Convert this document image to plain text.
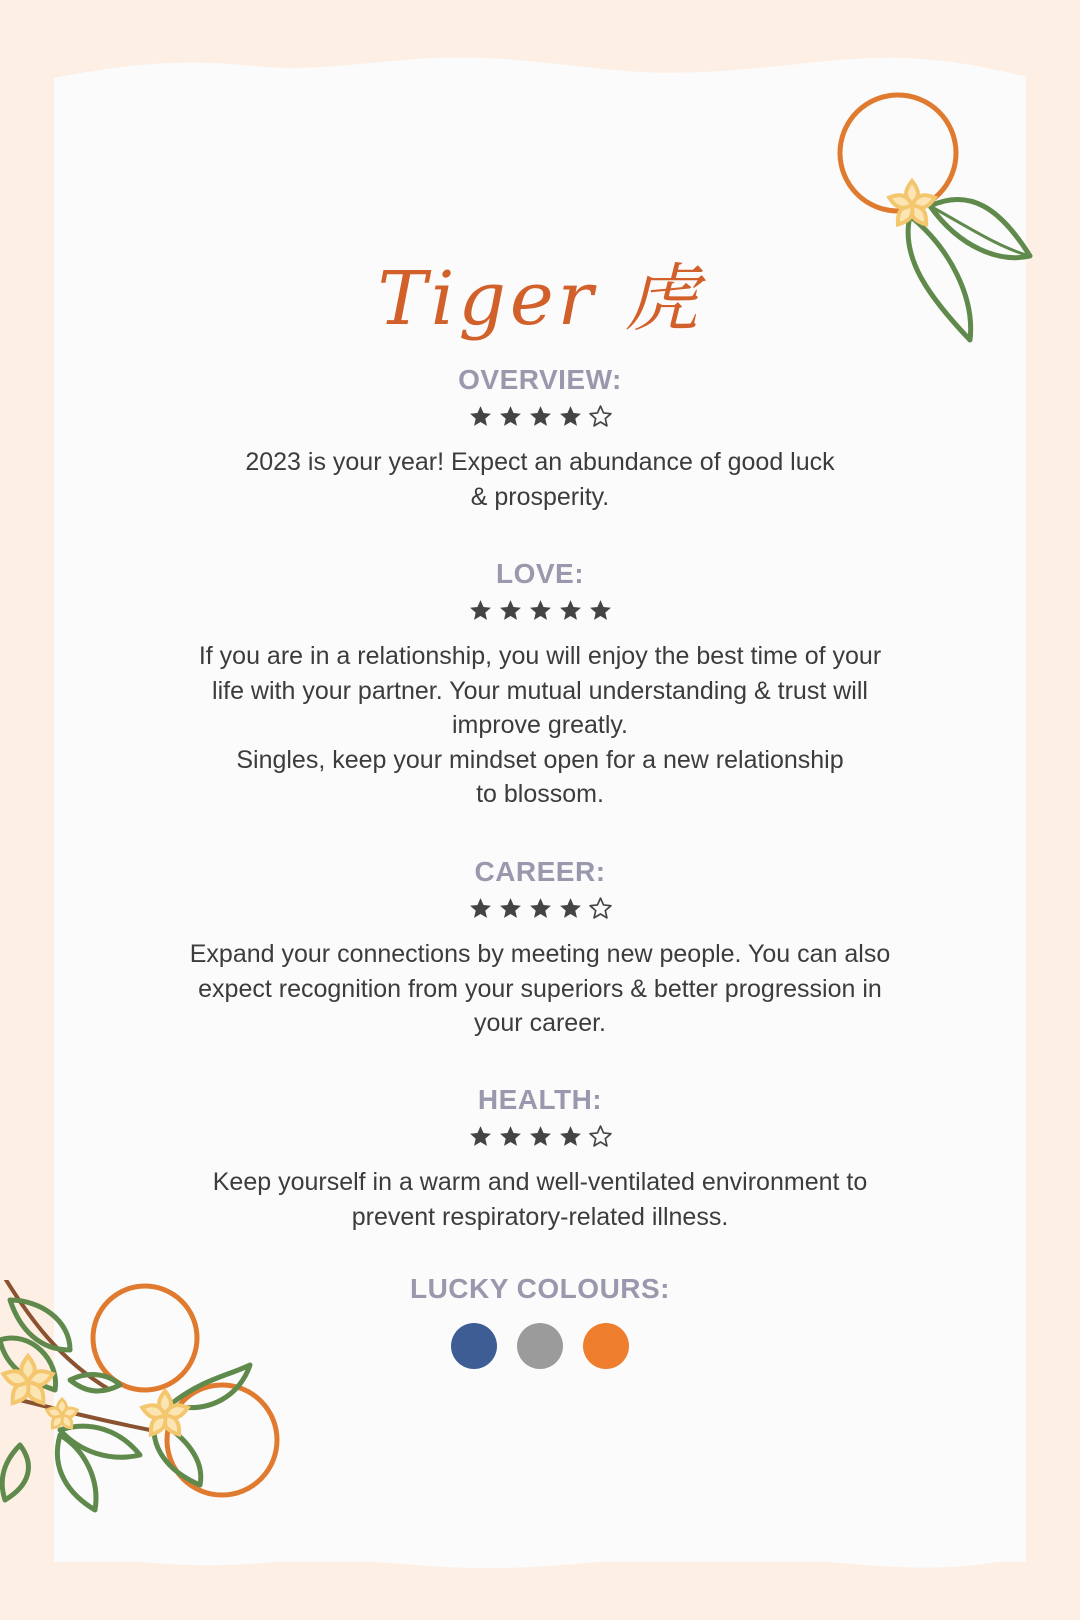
Tiger 虎
OVERVIEW:

2023 is your year! Expect an abundance of good luck

& prosperity.

LOVE:

If you are in a relationship, you will enjoy the best time of your

life with your partner. Your mutual understanding & trust will

improve greatly.

Singles, keep your mindset open for a new relationship

to blossom.

CAREER:

Expand your connections by meeting new people. You can also

expect recognition from your superiors & better progression in

your career.

HEALTH:

Keep yourself in a warm and well-ventilated environment to

prevent respiratory-related illness.

LUCKY COLOURS:
